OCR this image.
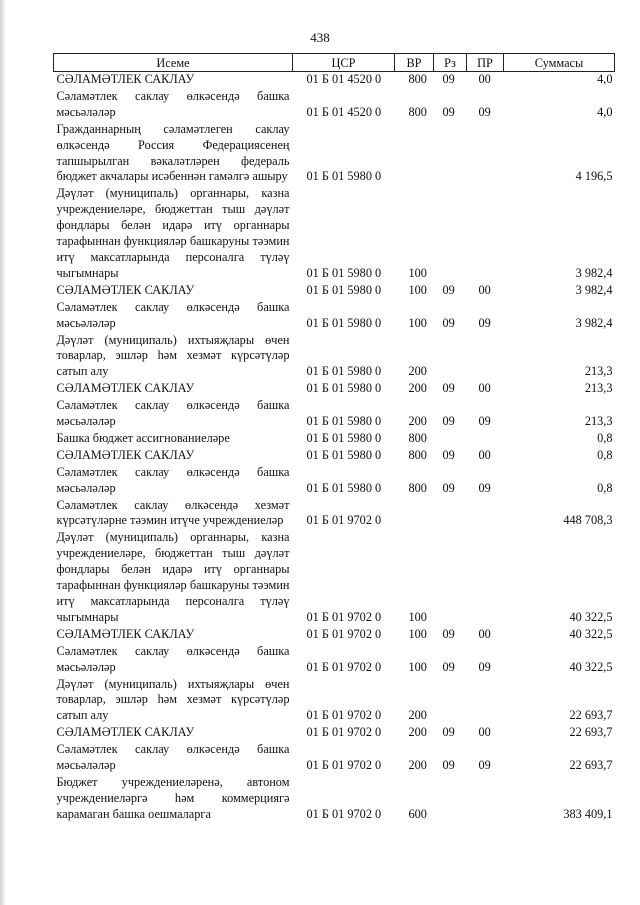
438
Исеме	ЦСР	ВР	Рз	ПР	Суммасы
СӘЛАМӘТЛЕК САКЛАУ	01 Б 01 4520 0	800	09	00	4,0
Сәламәтлек саклау өлкәсендә башка мәсьәләләр	01 Б 01 4520 0	800	09	09	4,0
Гражданнарның сәламәтлеген саклау өлкәсендә Россия Федерациясенең тапшырылган вәкаләтләрен федераль бюджет акчалары исәбеннән гамәлгә ашыру	01 Б 01 5980 0				4 196,5
Дәүләт (муниципаль) органнары, казна учреждениеләре, бюджеттан тыш дәүләт фондлары белән идарә итү органнары тарафыннан функцияләр башкаруны тәэмин итү максатларында персоналга түләү чыгымнары	01 Б 01 5980 0	100			3 982,4
СӘЛАМӘТЛЕК САКЛАУ	01 Б 01 5980 0	100	09	00	3 982,4
Сәламәтлек саклау өлкәсендә башка мәсьәләләр	01 Б 01 5980 0	100	09	09	3 982,4
Дәүләт (муниципаль) ихтыяҗлары өчен товарлар, эшләр һәм хезмәт күрсәтүләр сатып алу	01 Б 01 5980 0	200			213,3
СӘЛАМӘТЛЕК САКЛАУ	01 Б 01 5980 0	200	09	00	213,3
Сәламәтлек саклау өлкәсендә башка мәсьәләләр	01 Б 01 5980 0	200	09	09	213,3
Башка бюджет ассигнованиеләре	01 Б 01 5980 0	800			0,8
СӘЛАМӘТЛЕК САКЛАУ	01 Б 01 5980 0	800	09	00	0,8
Сәламәтлек саклау өлкәсендә башка мәсьәләләр	01 Б 01 5980 0	800	09	09	0,8
Сәламәтлек саклау өлкәсендә хезмәт күрсәтүләрне тәэмин итүче учреждениеләр	01 Б 01 9702 0				448 708,3
Дәүләт (муниципаль) органнары, казна учреждениеләре, бюджеттан тыш дәүләт фондлары белән идарә итү органнары тарафыннан функцияләр башкаруны тәэмин итү максатларында персоналга түләү чыгымнары	01 Б 01 9702 0	100			40 322,5
СӘЛАМӘТЛЕК САКЛАУ	01 Б 01 9702 0	100	09	00	40 322,5
Сәламәтлек саклау өлкәсендә башка мәсьәләләр	01 Б 01 9702 0	100	09	09	40 322,5
Дәүләт (муниципаль) ихтыяҗлары өчен товарлар, эшләр һәм хезмәт күрсәтүләр сатып алу	01 Б 01 9702 0	200			22 693,7
СӘЛАМӘТЛЕК САКЛАУ	01 Б 01 9702 0	200	09	00	22 693,7
Сәламәтлек саклау өлкәсендә башка мәсьәләләр	01 Б 01 9702 0	200	09	09	22 693,7
Бюджет учреждениеләренә, автоном учреждениеләргә һәм коммерциягә карамаган башка оешмаларга	01 Б 01 9702 0	600			383 409,1
